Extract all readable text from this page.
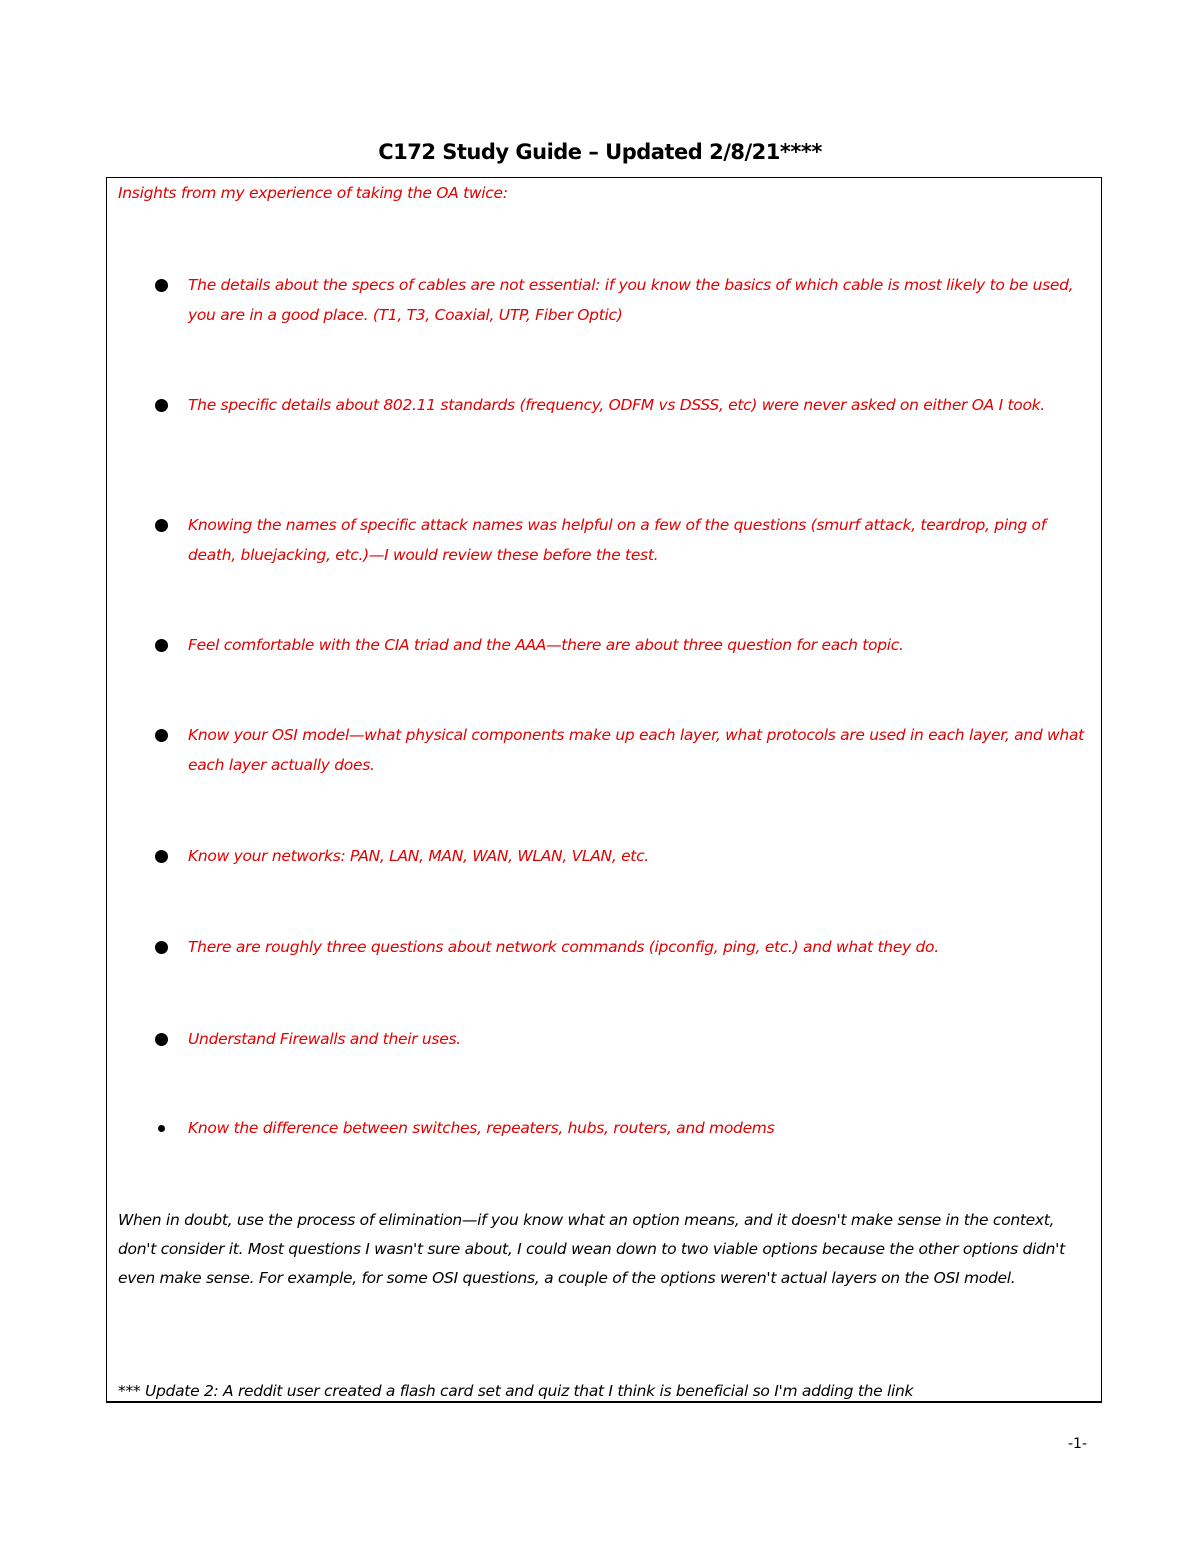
C172 Study Guide – Updated 2/8/21****
Insights from my experience of taking the OA twice:
The details about the specs of cables are not essential: if you know the basics of which cable is most likely to be used, you are in a good place. (T1, T3, Coaxial, UTP, Fiber Optic)
The specific details about 802.11 standards (frequency, ODFM vs DSSS, etc) were never asked on either OA I took.
Knowing the names of specific attack names was helpful on a few of the questions (smurf attack, teardrop, ping of death, bluejacking, etc.)—I would review these before the test.
Feel comfortable with the CIA triad and the AAA—there are about three question for each topic.
Know your OSI model—what physical components make up each layer, what protocols are used in each layer, and what each layer actually does.
Know your networks: PAN, LAN, MAN, WAN, WLAN, VLAN, etc.
There are roughly three questions about network commands (ipconfig, ping, etc.) and what they do.
Understand Firewalls and their uses.
Know the difference between switches, repeaters, hubs, routers, and modems
When in doubt, use the process of elimination—if you know what an option means, and it doesn't make sense in the context, don't consider it. Most questions I wasn't sure about, I could wean down to two viable options because the other options didn't even make sense. For example, for some OSI questions, a couple of the options weren't actual layers on the OSI model.
*** Update 2: A reddit user created a flash card set and quiz that I think is beneficial so I'm adding the link
-1-
